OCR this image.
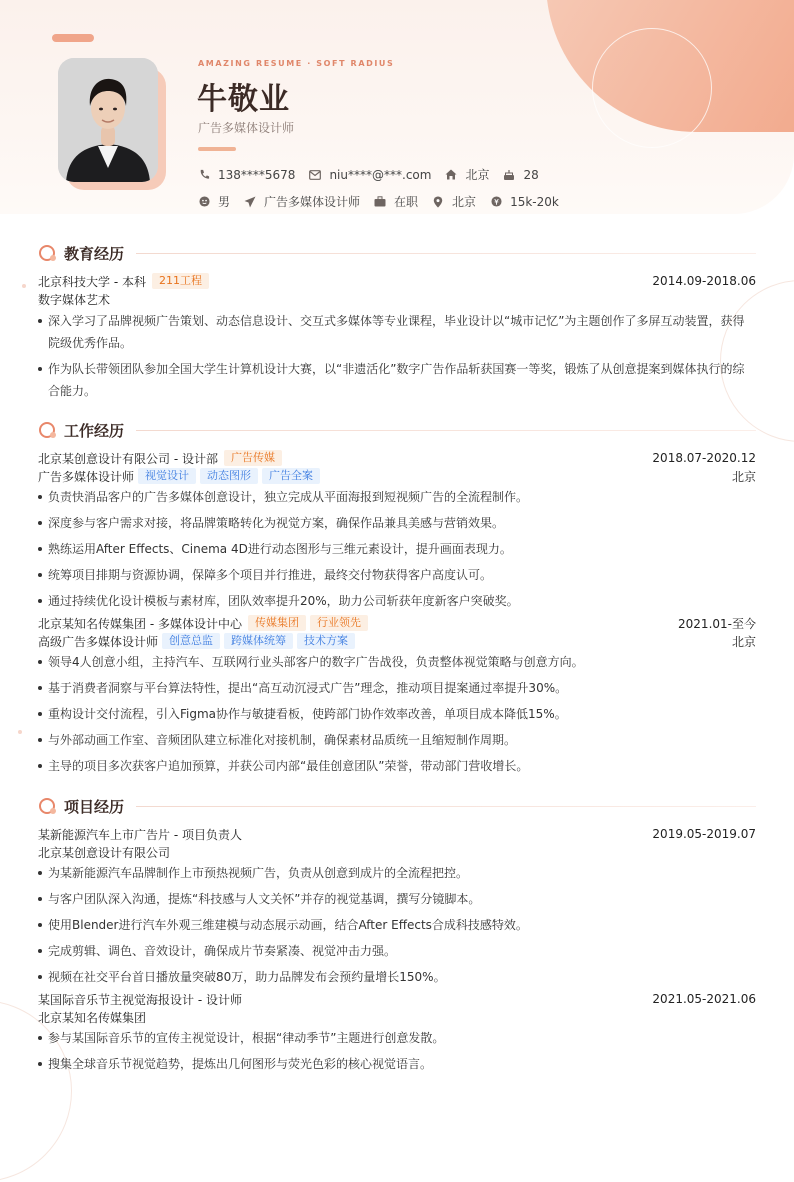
AMAZING RESUME · SOFT RADIUS
牛敬业
广告多媒体设计师
138****5678	niu****@***.com	北京	28
男	广告多媒体设计师	在职	北京	15k-20k
教育经历
北京科技大学 - 本科	211工程	2014.09-2018.06
数字媒体艺术
深入学习了品牌视频广告策划、动态信息设计、交互式多媒体等专业课程，毕业设计以“城市记忆”为主题创作了多屏互动装置，获得院级优秀作品。
作为队长带领团队参加全国大学生计算机设计大赛，以“非遗活化”数字广告作品斩获国赛一等奖，锻炼了从创意提案到媒体执行的综合能力。
工作经历
北京某创意设计有限公司 - 设计部	广告传媒	2018.07-2020.12
广告多媒体设计师	视觉设计	动态图形	广告全案	北京
负责快消品客户的广告多媒体创意设计，独立完成从平面海报到短视频广告的全流程制作。
深度参与客户需求对接，将品牌策略转化为视觉方案，确保作品兼具美感与营销效果。
熟练运用After Effects、Cinema 4D进行动态图形与三维元素设计，提升画面表现力。
统筹项目排期与资源协调，保障多个项目并行推进，最终交付物获得客户高度认可。
通过持续优化设计模板与素材库，团队效率提升20%，助力公司斩获年度新客户突破奖。
北京某知名传媒集团 - 多媒体设计中心	传媒集团	行业领先	2021.01-至今
高级广告多媒体设计师	创意总监	跨媒体统筹	技术方案	北京
领导4人创意小组，主持汽车、互联网行业头部客户的数字广告战役，负责整体视觉策略与创意方向。
基于消费者洞察与平台算法特性，提出“高互动沉浸式广告”理念，推动项目提案通过率提升30%。
重构设计交付流程，引入Figma协作与敏捷看板，使跨部门协作效率改善，单项目成本降低15%。
与外部动画工作室、音频团队建立标准化对接机制，确保素材品质统一且缩短制作周期。
主导的项目多次获客户追加预算，并获公司内部“最佳创意团队”荣誉，带动部门营收增长。
项目经历
某新能源汽车上市广告片 - 项目负责人	2019.05-2019.07
北京某创意设计有限公司
为某新能源汽车品牌制作上市预热视频广告，负责从创意到成片的全流程把控。
与客户团队深入沟通，提炼“科技感与人文关怀”并存的视觉基调，撰写分镜脚本。
使用Blender进行汽车外观三维建模与动态展示动画，结合After Effects合成科技感特效。
完成剪辑、调色、音效设计，确保成片节奏紧凑、视觉冲击力强。
视频在社交平台首日播放量突破80万，助力品牌发布会预约量增长150%。
某国际音乐节主视觉海报设计 - 设计师	2021.05-2021.06
北京某知名传媒集团
参与某国际音乐节的宣传主视觉设计，根据“律动季节”主题进行创意发散。
搜集全球音乐节视觉趋势，提炼出几何图形与荧光色彩的核心视觉语言。
